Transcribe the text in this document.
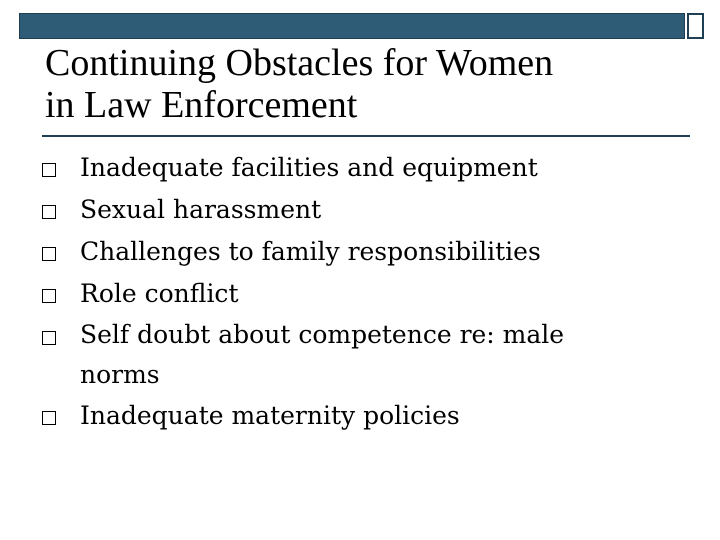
Continuing Obstacles for Women
in Law Enforcement
Inadequate facilities and equipment
Sexual harassment
Challenges to family responsibilities
Role conflict
Self doubt about competence re: male
norms
Inadequate maternity policies
